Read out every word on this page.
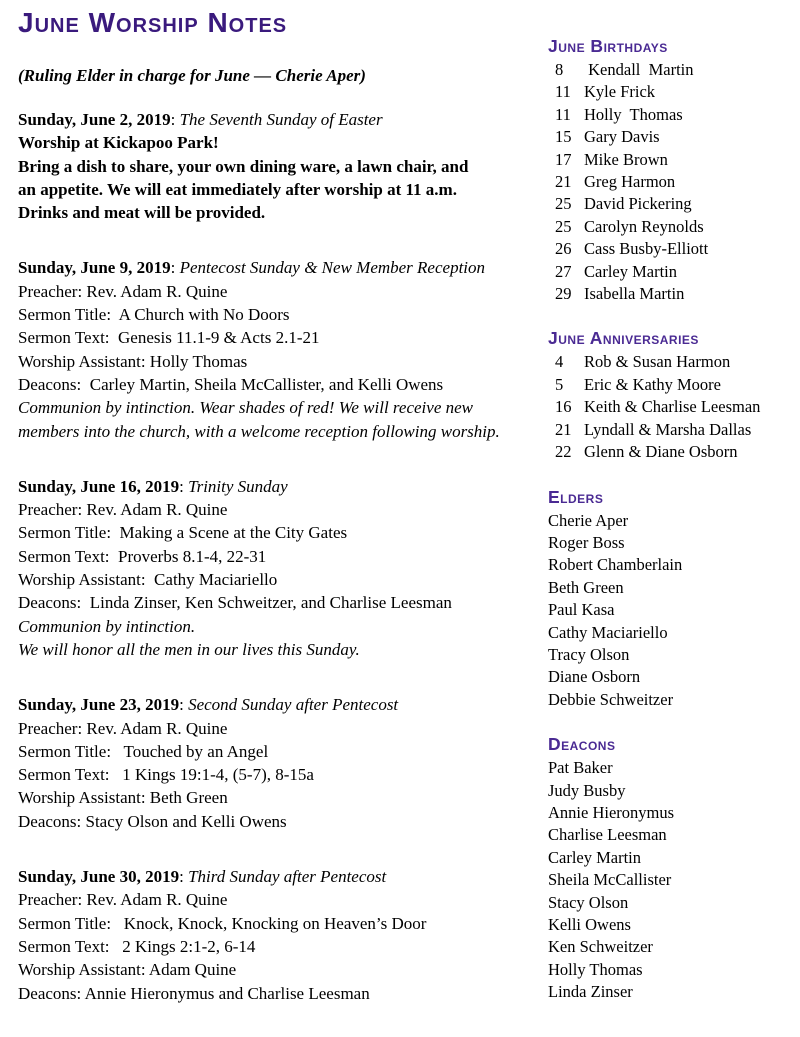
June Worship Notes

(Ruling Elder in charge for June — Cherie Aper)

Sunday, June 2, 2019: The Seventh Sunday of Easter

Worship at Kickapoo Park!

Bring a dish to share, your own dining ware, a lawn chair, and

an appetite. We will eat immediately after worship at 11 a.m.

Drinks and meat will be provided.

Sunday, June 9, 2019: Pentecost Sunday & New Member Reception

Preacher: Rev. Adam R. Quine

Sermon Title:  A Church with No Doors

Sermon Text:  Genesis 11.1-9 & Acts 2.1-21

Worship Assistant: Holly Thomas

Deacons:  Carley Martin, Sheila McCallister, and Kelli Owens

Communion by intinction. Wear shades of red! We will receive new

members into the church, with a welcome reception following worship.

Sunday, June 16, 2019: Trinity Sunday

Preacher: Rev. Adam R. Quine

Sermon Title:  Making a Scene at the City Gates

Sermon Text:  Proverbs 8.1-4, 22-31

Worship Assistant:  Cathy Maciariello

Deacons:  Linda Zinser, Ken Schweitzer, and Charlise Leesman

Communion by intinction.

We will honor all the men in our lives this Sunday.

Sunday, June 23, 2019: Second Sunday after Pentecost

Preacher: Rev. Adam R. Quine

Sermon Title:   Touched by an Angel

Sermon Text:   1 Kings 19:1-4, (5-7), 8-15a

Worship Assistant: Beth Green

Deacons: Stacy Olson and Kelli Owens

Sunday, June 30, 2019: Third Sunday after Pentecost

Preacher: Rev. Adam R. Quine

Sermon Title:   Knock, Knock, Knocking on Heaven’s Door

Sermon Text:   2 Kings 2:1-2, 6-14

Worship Assistant: Adam Quine

Deacons: Annie Hieronymus and Charlise Leesman

June Birthdays

8 Kendall  Martin

11 Kyle Frick

11 Holly  Thomas

15 Gary Davis

17 Mike Brown

21 Greg Harmon

25 David Pickering

25 Carolyn Reynolds

26 Cass Busby-Elliott

27 Carley Martin

29 Isabella Martin

June Anniversaries

4 Rob & Susan Harmon

5 Eric & Kathy Moore

16 Keith & Charlise Leesman

21 Lyndall & Marsha Dallas

22 Glenn & Diane Osborn

Elders

Cherie Aper

Roger Boss

Robert Chamberlain

Beth Green

Paul Kasa

Cathy Maciariello

Tracy Olson

Diane Osborn

Debbie Schweitzer

Deacons

Pat Baker

Judy Busby

Annie Hieronymus

Charlise Leesman

Carley Martin

Sheila McCallister

Stacy Olson

Kelli Owens

Ken Schweitzer

Holly Thomas

Linda Zinser
